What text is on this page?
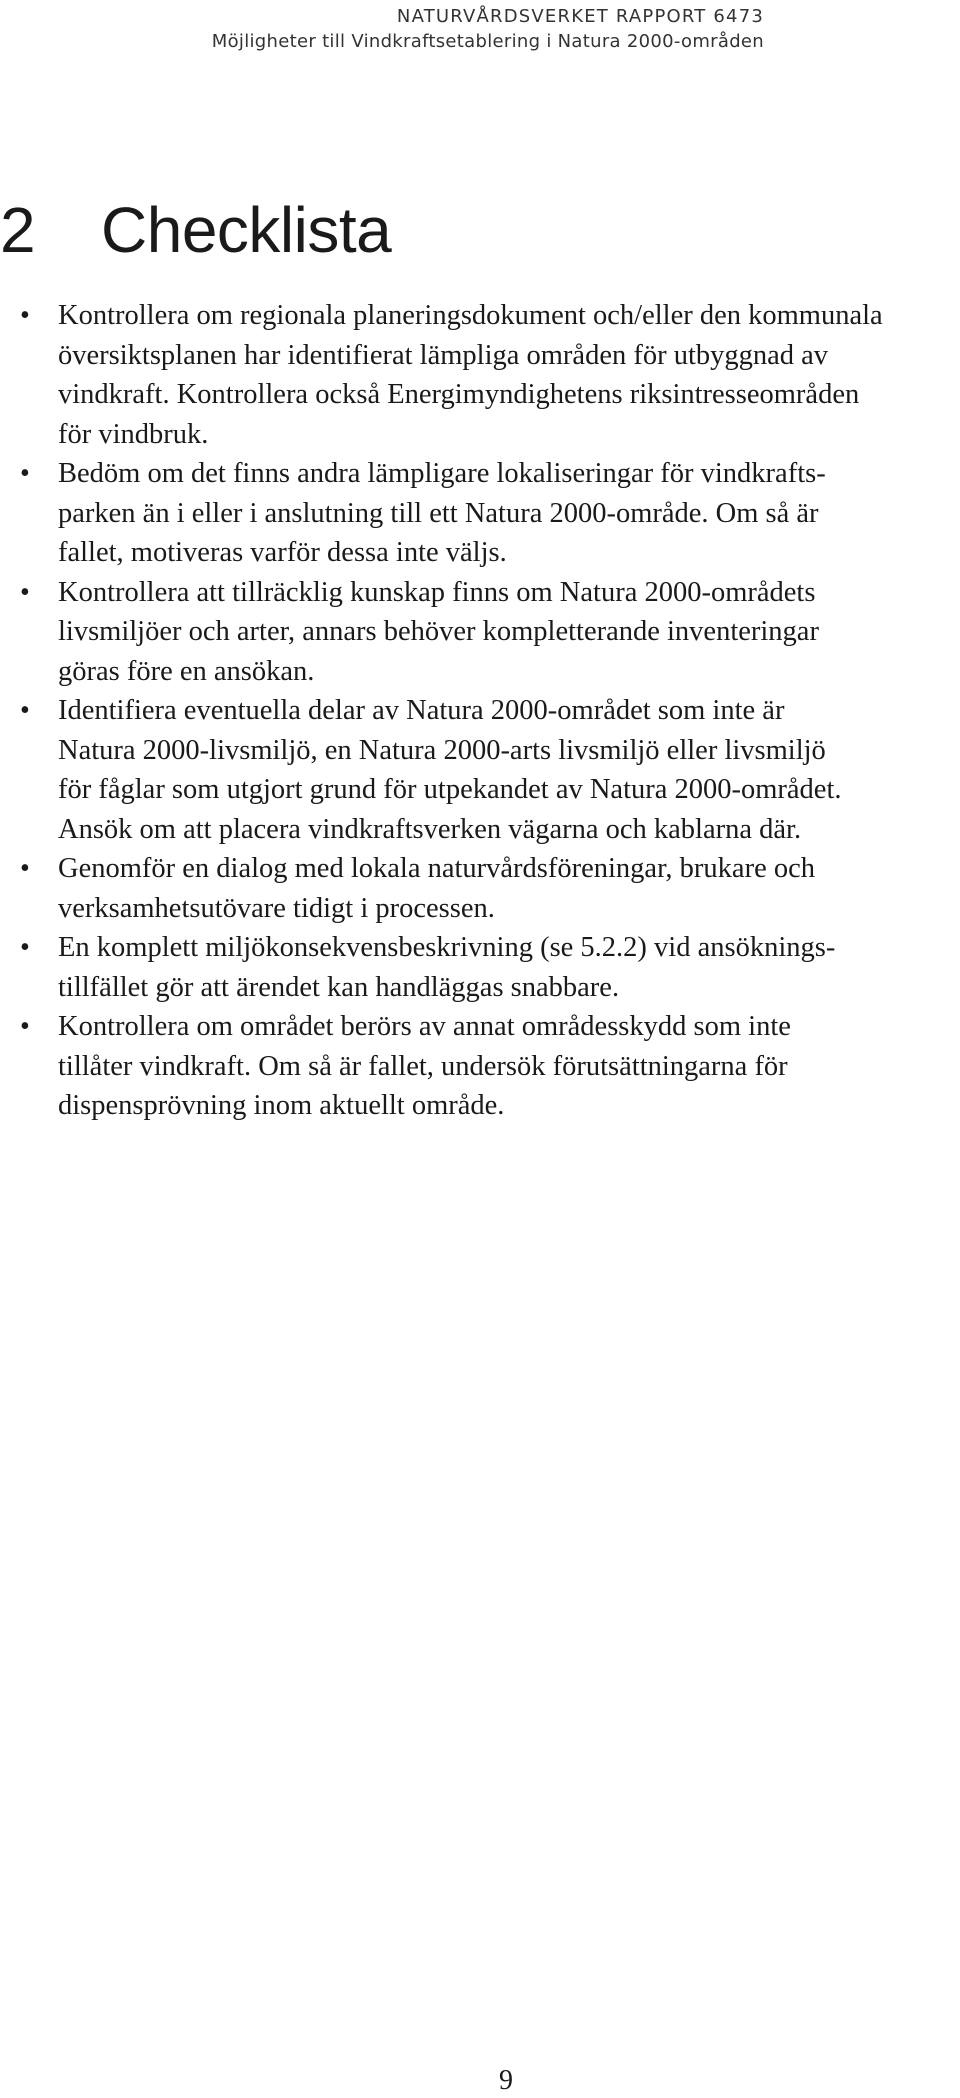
NATURVÅRDSVERKET RAPPORT 6473
Möjligheter till Vindkraftsetablering i Natura 2000-områden
2 Checklista
• Kontrollera om regionala planeringsdokument och/eller den kommunala
översiktsplanen har identifierat lämpliga områden för utbyggnad av
vindkraft. Kontrollera också Energimyndighetens riksintresseområden
för vindbruk.
• Bedöm om det finns andra lämpligare lokaliseringar för vindkrafts-
parken än i eller i anslutning till ett Natura 2000-område. Om så är
fallet, motiveras varför dessa inte väljs.
• Kontrollera att tillräcklig kunskap finns om Natura 2000-områdets
livsmiljöer och arter, annars behöver kompletterande inventeringar
göras före en ansökan.
• Identifiera eventuella delar av Natura 2000-området som inte är
Natura 2000-livsmiljö, en Natura 2000-arts livsmiljö eller livsmiljö
för fåglar som utgjort grund för utpekandet av Natura 2000-området.
Ansök om att placera vindkraftsverken vägarna och kablarna där.
• Genomför en dialog med lokala naturvårdsföreningar, brukare och
verksamhetsutövare tidigt i processen.
• En komplett miljökonsekvensbeskrivning (se 5.2.2) vid ansöknings-
tillfället gör att ärendet kan handläggas snabbare.
• Kontrollera om området berörs av annat områdesskydd som inte
tillåter vindkraft. Om så är fallet, undersök förutsättningarna för
dispensprövning inom aktuellt område.
9
